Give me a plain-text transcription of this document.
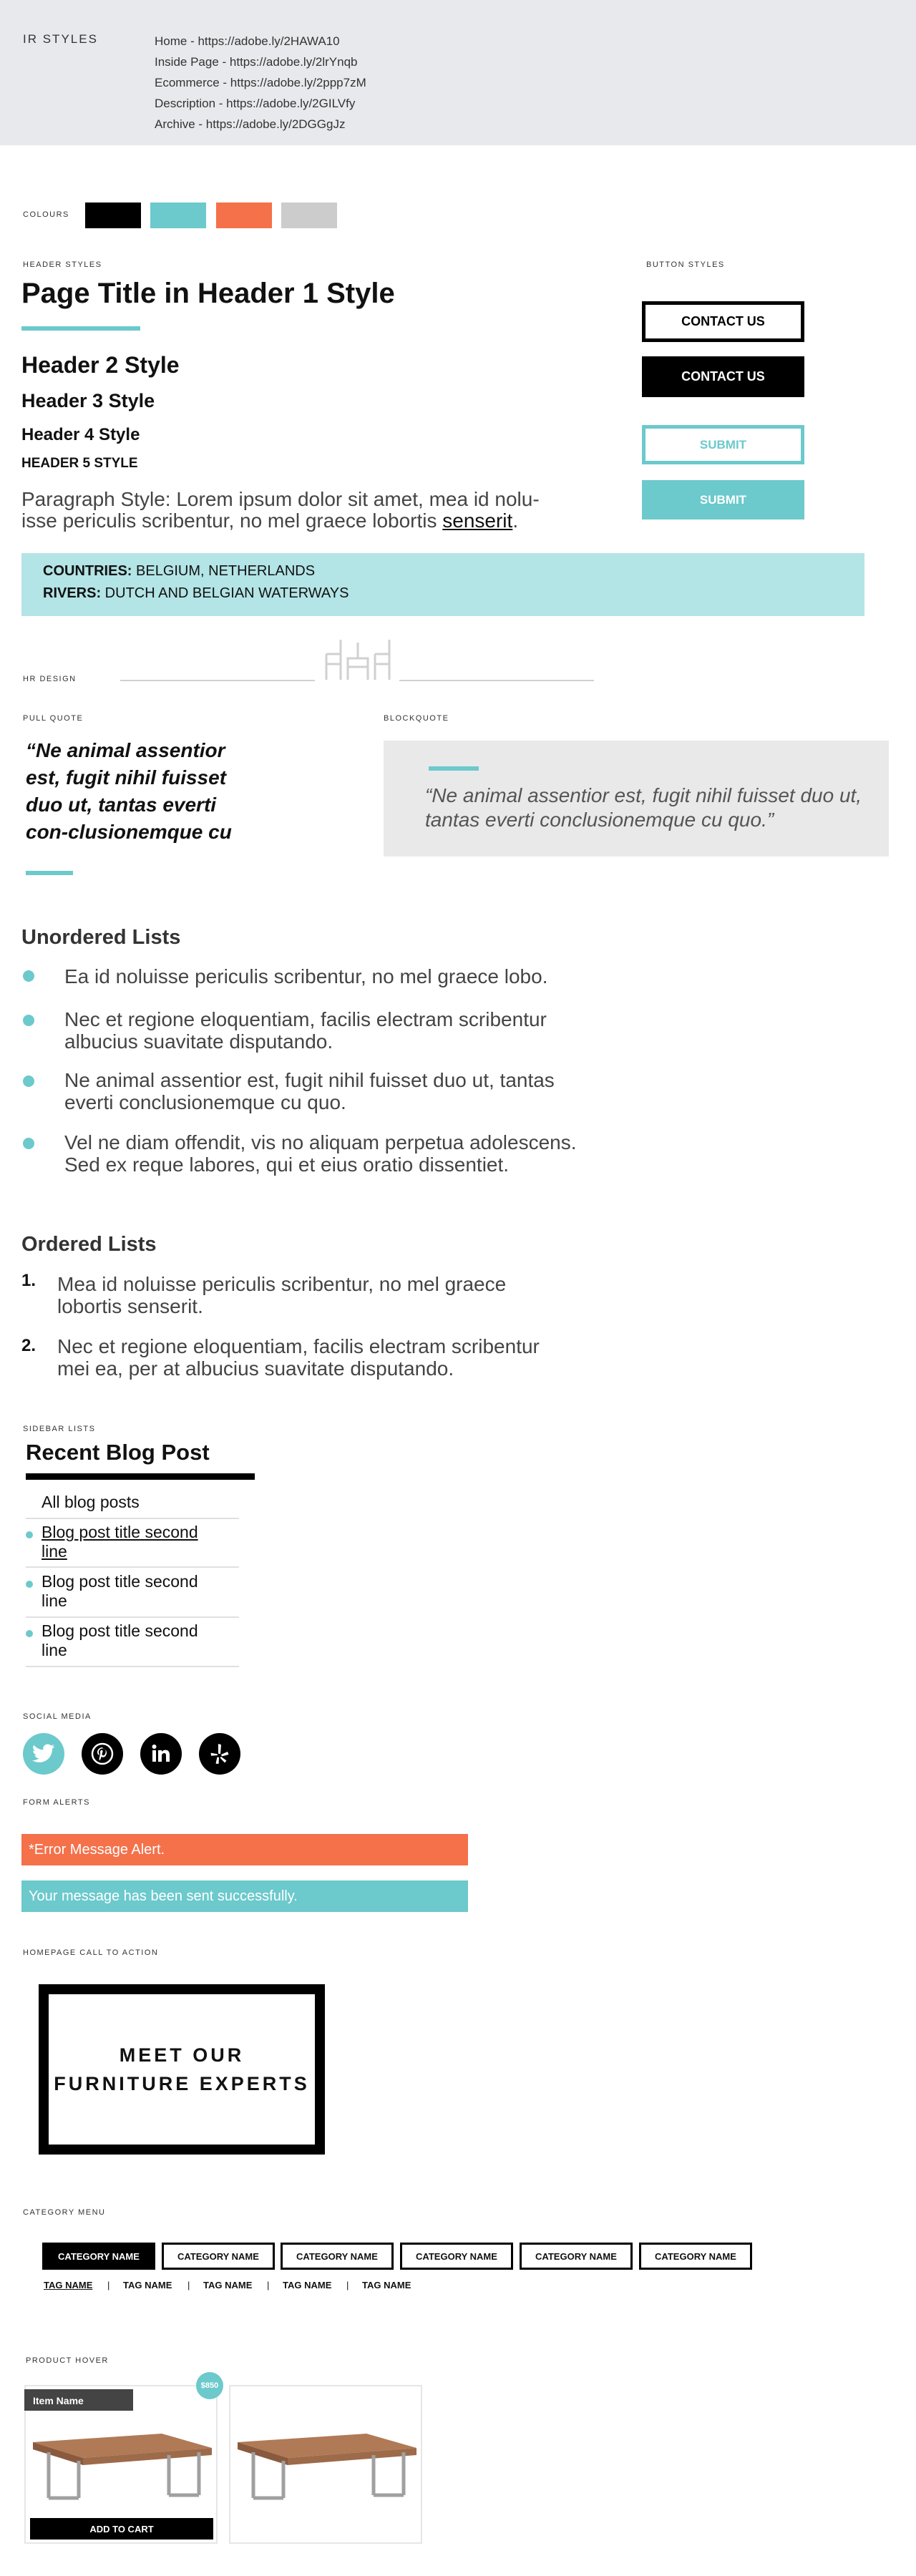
IR STYLES	Home - https://adobe.ly/2HAWA10
Inside Page - https://adobe.ly/2lrYnqb
Ecommerce - https://adobe.ly/2ppp7zM
Description - https://adobe.ly/2GILVfy
Archive - https://adobe.ly/2DGGgJz
COLOURS
HEADER STYLES
Page Title in Header 1 Style
Header 2 Style
Header 3 Style
Header 4 Style
HEADER 5 STYLE
Paragraph Style: Lorem ipsum dolor sit amet, mea id nolu-isse periculis scribentur, no mel graece lobortis senserit.
COUNTRIES: BELGIUM, NETHERLANDS
RIVERS: DUTCH AND BELGIAN WATERWAYS
BUTTON STYLES
CONTACT US
CONTACT US
SUBMIT
SUBMIT
HR DESIGN
PULL QUOTE
“Ne animal assentior est, fugit nihil fuisset duo ut, tantas everti con-clusionemque cu
BLOCKQUOTE
“Ne animal assentior est, fugit nihil fuisset duo ut, tantas everti conclusionemque cu quo.”
Unordered Lists
Ea id noluisse periculis scribentur, no mel graece lobo.
Nec et regione eloquentiam, facilis electram scribentur albucius suavitate disputando.
Ne animal assentior est, fugit nihil fuisset duo ut, tantas everti conclusionemque cu quo.
Vel ne diam offendit, vis no aliquam perpetua adolescens. Sed ex reque labores, qui et eius oratio dissentiet.
Ordered Lists
1. Mea id noluisse periculis scribentur, no mel graece lobortis senserit.
2. Nec et regione eloquentiam, facilis electram scribentur mei ea, per at albucius suavitate disputando.
SIDEBAR LISTS
Recent Blog Post
All blog posts
Blog post title second line
Blog post title second line
Blog post title second line
SOCIAL MEDIA
FORM ALERTS
*Error Message Alert.
Your message has been sent successfully.
HOMEPAGE CALL TO ACTION
MEET OUR
FURNITURE EXPERTS
CATEGORY MENU
CATEGORY NAME	CATEGORY NAME	CATEGORY NAME	CATEGORY NAME	CATEGORY NAME	CATEGORY NAME
TAG NAME | TAG NAME | TAG NAME | TAG NAME | TAG NAME
PRODUCT HOVER
Item Name
ADD TO CART
$850
